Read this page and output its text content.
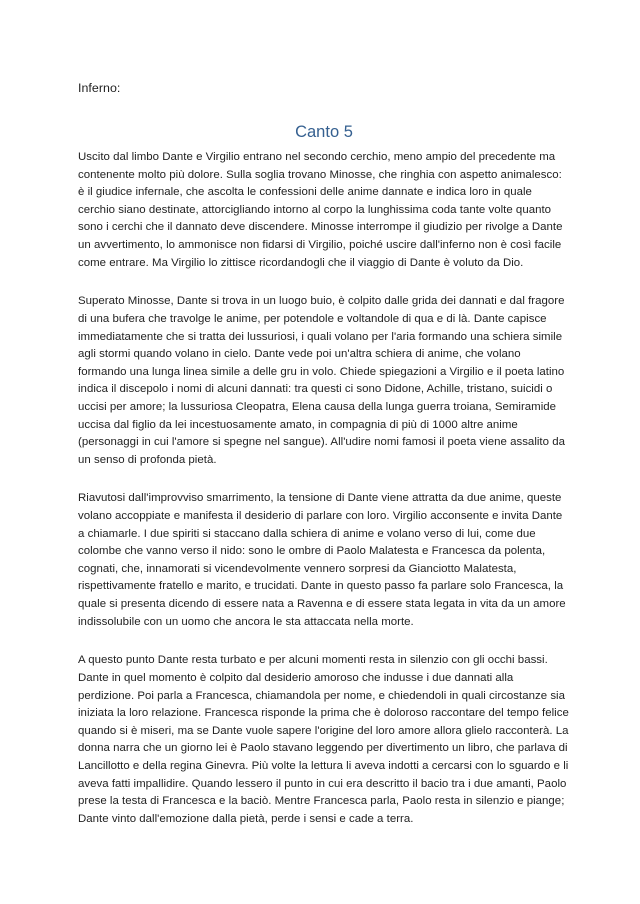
Inferno:

Canto 5

Uscito dal limbo Dante e Virgilio entrano nel secondo cerchio, meno ampio del precedente ma contenente molto più dolore. Sulla soglia trovano Minosse, che ringhia con aspetto animalesco: è il giudice infernale, che ascolta le confessioni delle anime dannate e indica loro in quale cerchio siano destinate, attorcigliando intorno al corpo la lunghissima coda tante volte quanto sono i cerchi che il dannato deve discendere. Minosse interrompe il giudizio per rivolge a Dante un avvertimento, lo ammonisce non fidarsi di Virgilio, poiché uscire dall'inferno non è così facile come entrare. Ma Virgilio lo zittisce ricordandogli che il viaggio di Dante è voluto da Dio.

Superato Minosse, Dante si trova in un luogo buio, è colpito dalle grida dei dannati e dal fragore di una bufera che travolge le anime, per potendole e voltandole di qua e di là. Dante capisce immediatamente che si tratta dei lussuriosi, i quali volano per l'aria formando una schiera simile agli stormi quando volano in cielo. Dante vede poi un'altra schiera di anime, che volano formando una lunga linea simile a delle gru in volo. Chiede spiegazioni a Virgilio e il poeta latino indica il discepolo i nomi di alcuni dannati: tra questi ci sono Didone, Achille, tristano, suicidi o uccisi per amore; la lussuriosa Cleopatra, Elena causa della lunga guerra troiana, Semiramide uccisa dal figlio da lei incestuosamente amato, in compagnia di più di 1000 altre anime (personaggi in cui l'amore si spegne nel sangue). All'udire nomi famosi il poeta viene assalito da un senso di profonda pietà.

Riavutosi dall'improvviso smarrimento, la tensione di Dante viene attratta da due anime, queste volano accoppiate e manifesta il desiderio di parlare con loro. Virgilio acconsente e invita Dante a chiamarle. I due spiriti si staccano dalla schiera di anime e volano verso di lui, come due colombe che vanno verso il nido: sono le ombre di Paolo Malatesta e Francesca da polenta, cognati, che, innamorati si vicendevolmente vennero sorpresi da Gianciotto Malatesta, rispettivamente fratello e marito, e trucidati. Dante in questo passo fa parlare solo Francesca, la quale si presenta dicendo di essere nata a Ravenna e di essere stata legata in vita da un amore indissolubile con un uomo che ancora le sta attaccata nella morte.

A questo punto Dante resta turbato e per alcuni momenti resta in silenzio con gli occhi bassi. Dante in quel momento è colpito dal desiderio amoroso che indusse i due dannati alla perdizione. Poi parla a Francesca, chiamandola per nome, e chiedendoli in quali circostanze sia iniziata la loro relazione. Francesca risponde la prima che è doloroso raccontare del tempo felice quando si è miseri, ma se Dante vuole sapere l'origine del loro amore allora glielo racconterà. La donna narra che un giorno lei è Paolo stavano leggendo per divertimento un libro, che parlava di Lancillotto e della regina Ginevra. Più volte la lettura li aveva indotti a cercarsi con lo sguardo e li aveva fatti impallidire. Quando lessero il punto in cui era descritto il bacio tra i due amanti, Paolo prese la testa di Francesca e la baciò. Mentre Francesca parla, Paolo resta in silenzio e piange; Dante vinto dall'emozione dalla pietà, perde i sensi e cade a terra.
